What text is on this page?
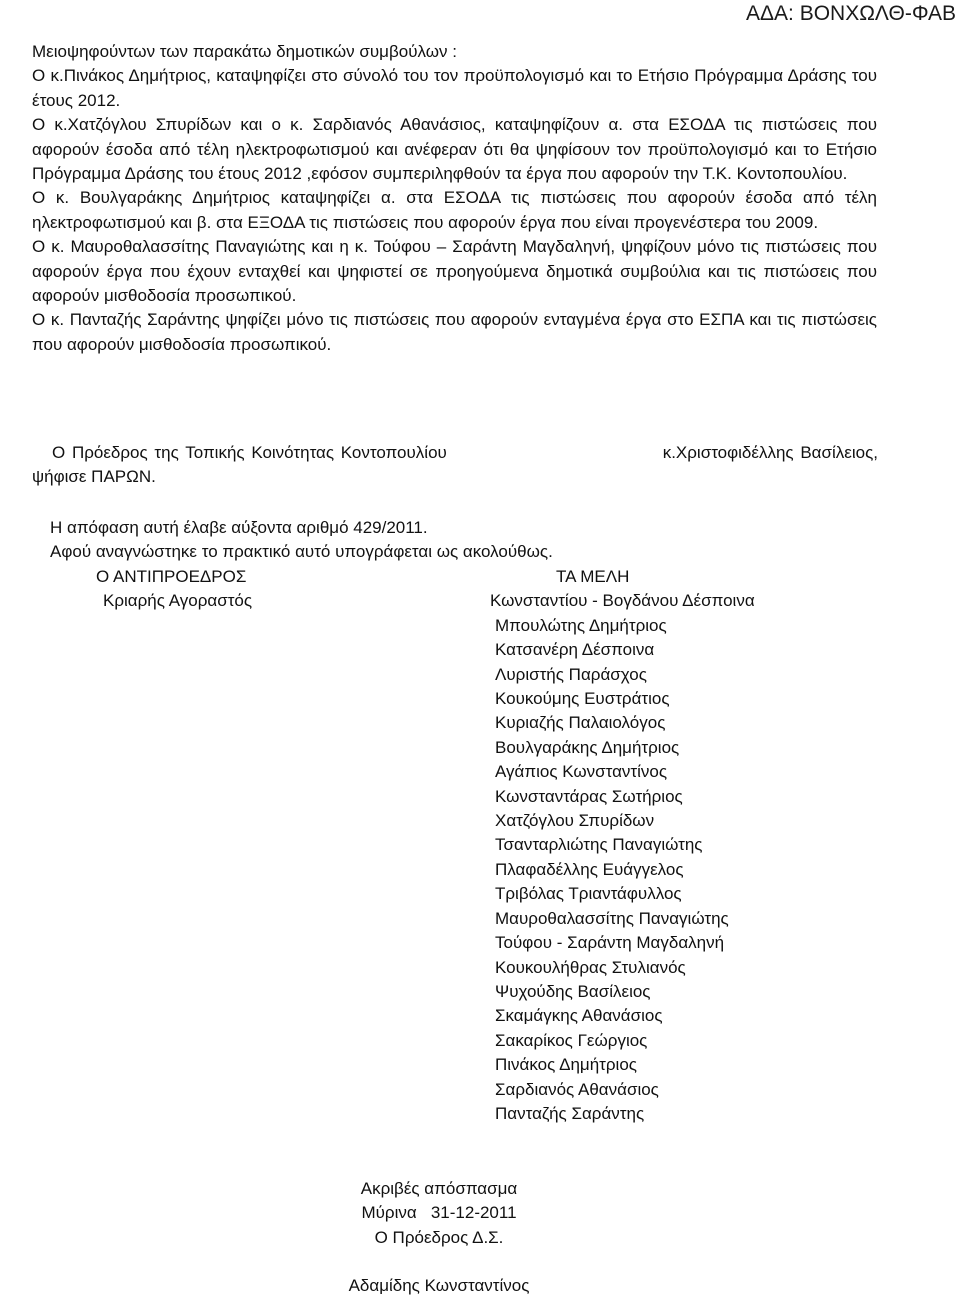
ΑΔΑ: ΒΟΝΧΩΛΘ-ΦΑΒ

Μειοψηφούντων των παρακάτω δημοτικών συμβούλων :

Ο κ.Πινάκος Δημήτριος, καταψηφίζει στο σύνολό του τον προϋπολογισμό και το Ετήσιο Πρόγραμμα Δράσης του έτους 2012.

Ο κ.Χατζόγλου Σπυρίδων και ο κ. Σαρδιανός Αθανάσιος, καταψηφίζουν α. στα ΕΣΟΔΑ τις πιστώσεις που αφορούν έσοδα από τέλη ηλεκτροφωτισμού και ανέφεραν ότι θα ψηφίσουν τον προϋπολογισμό και το Ετήσιο Πρόγραμμα Δράσης του έτους 2012 ,εφόσον συμπεριληφθούν τα έργα που αφορούν την Τ.Κ. Κοντοπουλίου.

Ο κ. Βουλγαράκης Δημήτριος καταψηφίζει α. στα ΕΣΟΔΑ τις πιστώσεις που αφορούν έσοδα από τέλη ηλεκτροφωτισμού και β. στα ΕΞΟΔΑ τις πιστώσεις που αφορούν έργα που είναι προγενέστερα του 2009.

Ο κ. Μαυροθαλασσίτης Παναγιώτης και η κ. Τούφου – Σαράντη Μαγδαληνή, ψηφίζουν μόνο τις πιστώσεις που αφορούν έργα που έχουν ενταχθεί και ψηφιστεί σε προηγούμενα δημοτικά συμβούλια και τις πιστώσεις που αφορούν μισθοδοσία προσωπικού.

Ο κ. Πανταζής Σαράντης ψηφίζει μόνο τις πιστώσεις που αφορούν ενταγμένα έργα στο ΕΣΠΑ και τις πιστώσεις που αφορούν μισθοδοσία προσωπικού.

Ο Πρόεδρος της Τοπικής Κοινότητας Κοντοπουλίου	κ.Χριστοφιδέλλης Βασίλειος,
ψήφισε ΠΑΡΩΝ.

Η απόφαση αυτή έλαβε αύξοντα αριθμό 429/2011.

Αφού αναγνώστηκε το πρακτικό αυτό υπογράφεται ως ακολούθως.

Ο ΑΝΤΙΠΡΟΕΔΡΟΣ
Κριαρής Αγοραστός
ΤΑ ΜΕΛΗ
Κωνσταντίου - Βογδάνου Δέσποινα
Μπουλώτης Δημήτριος
Κατσανέρη Δέσποινα
Λυριστής Παράσχος
Κουκούμης Ευστράτιος
Κυριαζής Παλαιολόγος
Βουλγαράκης Δημήτριος
Αγάπιος Κωνσταντίνος
Κωνσταντάρας Σωτήριος
Χατζόγλου Σπυρίδων
Τσανταρλιώτης Παναγιώτης
Πλαφαδέλλης Ευάγγελος
Τριβόλας Τριαντάφυλλος
Μαυροθαλασσίτης Παναγιώτης
Τούφου - Σαράντη Μαγδαληνή
Κουκουλήθρας Στυλιανός
Ψυχούδης Βασίλειος
Σκαμάγκης Αθανάσιος
Σακαρίκος Γεώργιος
Πινάκος Δημήτριος
Σαρδιανός Αθανάσιος
Πανταζής Σαράντης

Ακριβές απόσπασμα

Μύρινα   31-12-2011

Ο Πρόεδρος Δ.Σ.

Αδαμίδης Κωνσταντίνος
